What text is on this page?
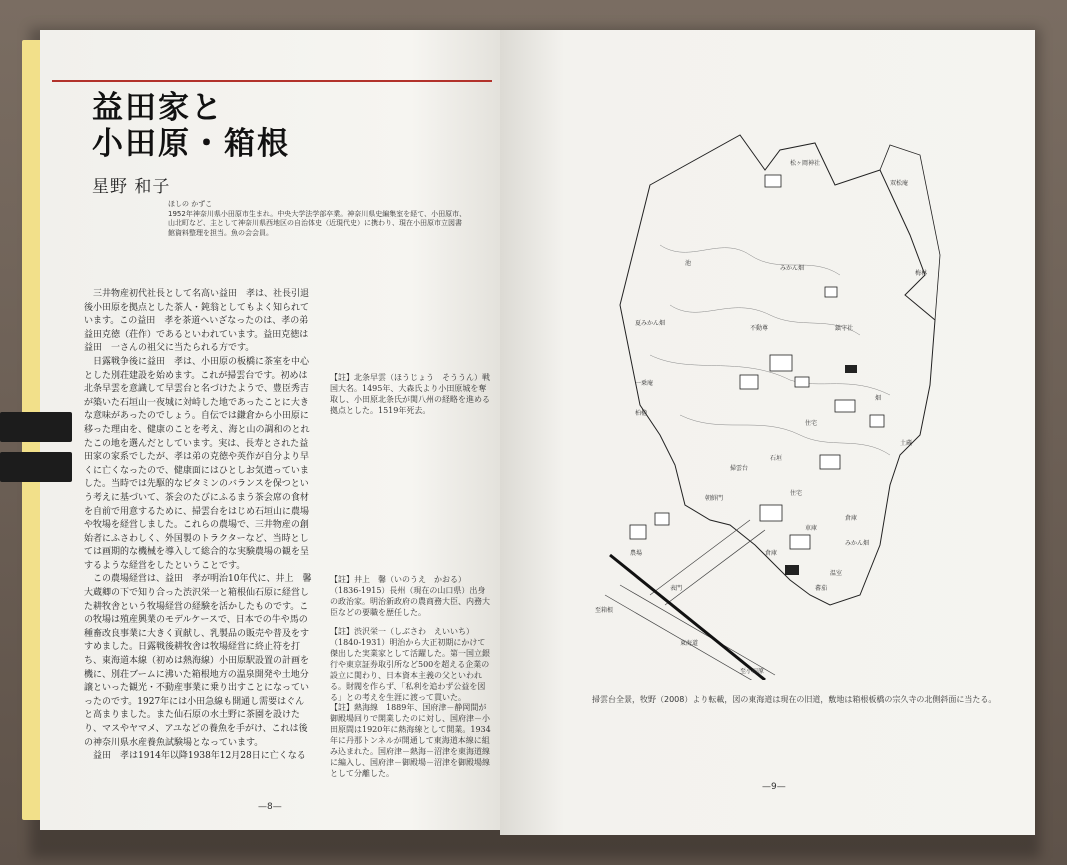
益田家と
小田原・箱根
星野 和子
ほしの かずこ
1952年神奈川県小田原市生まれ。中央大学法学部卒業。神奈川県史編集室を経て、小田原市、山北町など、主として神奈川県西地区の自治体史（近現代史）に携わり、現在小田原市立図書館資料整理を担当。魚の会会員。

三井物産初代社長として名高い益田　孝は、社長引退後小田原を拠点とした茶人・鈍翁としてもよく知られています。この益田　孝を茶道へいざなったのは、孝の弟益田克徳（荘作）であるといわれています。益田克徳は益田　一さんの祖父に当たられる方です。

日露戦争後に益田　孝は、小田原の板橋に茶室を中心とした別荘建設を始めます。これが掃雲台です。初めは北条早雲を意識して早雲台と名づけたようで、豊臣秀吉が築いた石垣山一夜城に対峙した地であったことに大きな意味があったのでしょう。自伝では鎌倉から小田原に移った理由を、健康のことを考え、海と山の調和のとれたこの地を選んだとしています。実は、長寿とされた益田家の家系でしたが、孝は弟の克徳や英作が自分より早くに亡くなったので、健康面にはひとしお気遣っていました。当時では先駆的なビタミンのバランスを保つという考えに基づいて、茶会のたびにふるまう茶会席の食材を自前で用意するために、掃雲台をはじめ石垣山に農場や牧場を経営しました。これらの農場で、三井物産の創始者にふさわしく、外国製のトラクターなど、当時としては画期的な機械を導入して総合的な実験農場の観を呈するような経営をしたということです。

この農場経営は、益田　孝が明治10年代に、井上　馨大蔵卿の下で知り合った渋沢栄一と箱根仙石原に経営した耕牧舎という牧場経営の経験を活かしたものです。この牧場は殖産興業のモデルケースで、日本での牛や馬の種畜改良事業に大きく貢献し、乳製品の販売や普及をすすめました。日露戦後耕牧舎は牧場経営に終止符を打ち、東海道本線（初めは熱海線）小田原駅設置の計画を機に、別荘ブームに沸いた箱根地方の温泉開発や土地分譲といった観光・不動産事業に乗り出すことになっていったのです。1927年には小田急線も開通し需要はぐんと高まりました。また仙石原の水土野に茶園を設けたり、マスやヤマメ、アユなどの養魚を手がけ、これは後の神奈川県水産養魚試験場となっています。

益田　孝は1914年以降1938年12月28日に亡くなる

【註】北条早雲（ほうじょう　そううん）戦国大名。1495年、大森氏より小田原城を奪取し、小田原北条氏が関八州の経略を進める拠点とした。1519年死去。
【註】井上　馨（いのうえ　かおる）（1836-1915）長州（現在の山口県）出身の政治家。明治新政府の農商務大臣、内務大臣などの要職を歴任した。
【註】渋沢栄一（しぶさわ　えいいち）（1840-1931）明治から大正初期にかけて傑出した実業家として活躍した。第一国立銀行や東京証券取引所など500を超える企業の設立に関わり、日本資本主義の父といわれる。財閥を作らず、「私利を追わず公益を図る」との考えを生涯に渡って貫いた。
【註】熱海線　1889年、国府津－静岡間が御殿場回りで開業したのに対し、国府津－小田原間は1920年に熱海線として開業。1934年に丹那トンネルが開通して東海道本線に組み込まれた。国府津－熱海－沼津を東海道線に編入し、国府津－御殿場－沼津を御殿場線として分離した。
—8—
松ヶ岡神社
双松庵
梅林
みかん畑
夏みかん畑
一乗庵
池
不動尊	鎮守社
住宅
朝鮮門
柏櫓
土蔵
畑
掃雲台
石垣
住宅
倉庫
農場
みかん畑
表門
倉庫
車庫
東海道
至小田原
至箱根
蕃茄
温室
掃雲台全景，牧野（2008）より転載，図の東海道は現在の旧道，敷地は箱根板橋の宗久寺の北側斜面に当たる。
—9—
